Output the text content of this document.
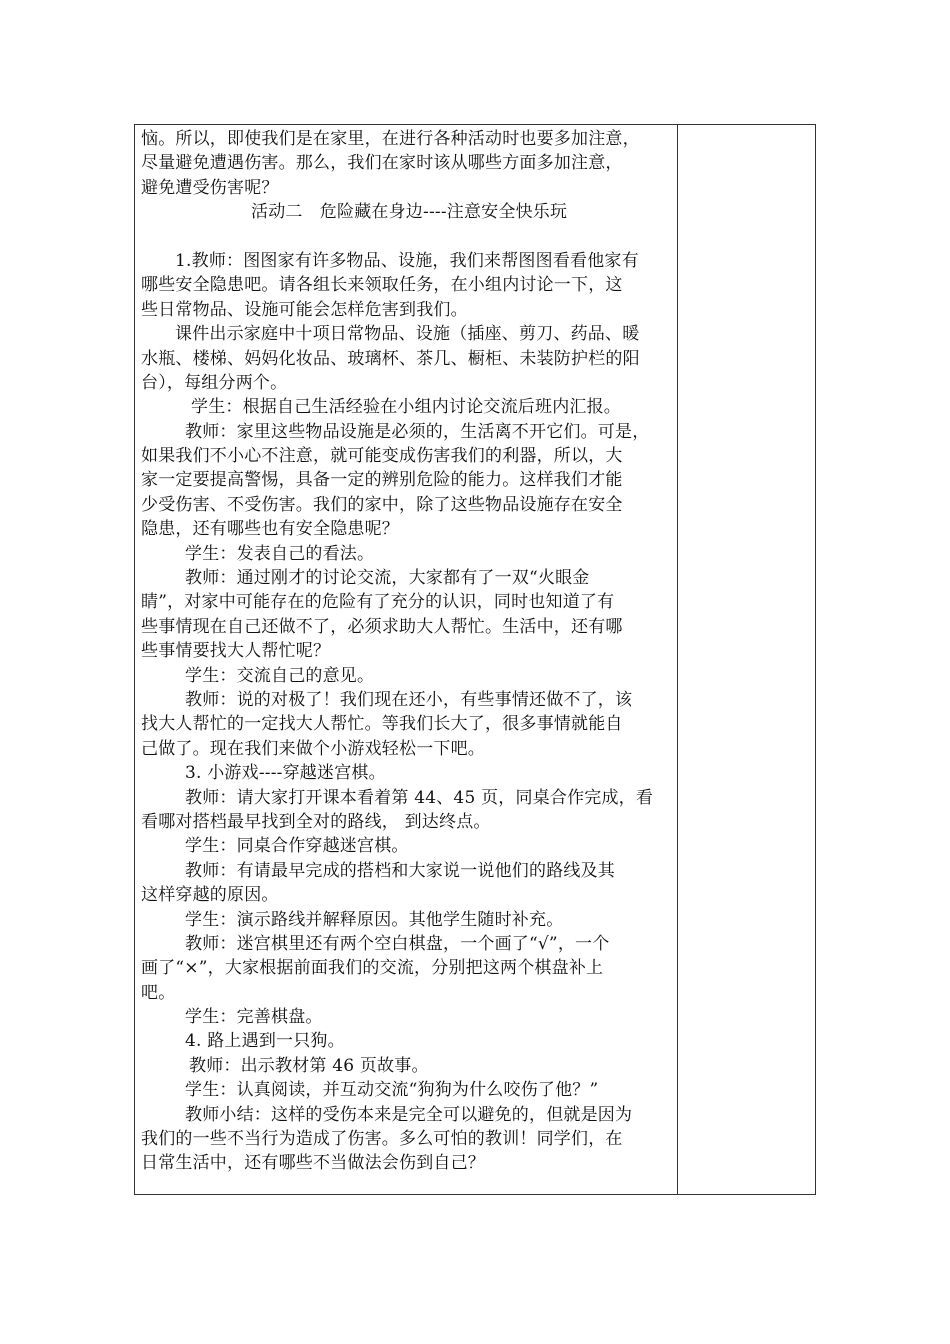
恼。所以，即使我们是在家里，在进行各种活动时也要多加注意，
尽量避免遭遇伤害。那么，我们在家时该从哪些方面多加注意，
避免遭受伤害呢？
活动二　危险藏在身边----注意安全快乐玩
1.教师：图图家有许多物品、设施，我们来帮图图看看他家有
哪些安全隐患吧。请各组长来领取任务，在小组内讨论一下，这
些日常物品、设施可能会怎样危害到我们。
课件出示家庭中十项日常物品、设施（插座、剪刀、药品、暖
水瓶、楼梯、妈妈化妆品、玻璃杯、茶几、橱柜、未装防护栏的阳
台），每组分两个。
学生：根据自己生活经验在小组内讨论交流后班内汇报。
教师：家里这些物品设施是必须的，生活离不开它们。可是，
如果我们不小心不注意，就可能变成伤害我们的利器，所以，大
家一定要提高警惕，具备一定的辨别危险的能力。这样我们才能
少受伤害、不受伤害。我们的家中，除了这些物品设施存在安全
隐患，还有哪些也有安全隐患呢？
学生：发表自己的看法。
教师：通过刚才的讨论交流，大家都有了一双“火眼金
睛”，对家中可能存在的危险有了充分的认识，同时也知道了有
些事情现在自己还做不了，必须求助大人帮忙。生活中，还有哪
些事情要找大人帮忙呢？
学生：交流自己的意见。
教师：说的对极了！我们现在还小，有些事情还做不了，该
找大人帮忙的一定找大人帮忙。等我们长大了，很多事情就能自
己做了。现在我们来做个小游戏轻松一下吧。
3. 小游戏----穿越迷宫棋。
教师：请大家打开课本看着第 44、45 页，同桌合作完成，看
看哪对搭档最早找到全对的路线， 到达终点。
学生：同桌合作穿越迷宫棋。
教师：有请最早完成的搭档和大家说一说他们的路线及其
这样穿越的原因。
学生：演示路线并解释原因。其他学生随时补充。
教师：迷宫棋里还有两个空白棋盘，一个画了“√”，一个
画了“×”，大家根据前面我们的交流，分别把这两个棋盘补上
吧。
学生：完善棋盘。
4. 路上遇到一只狗。
教师：出示教材第 46 页故事。
学生：认真阅读，并互动交流“狗狗为什么咬伤了他？”
教师小结：这样的受伤本来是完全可以避免的，但就是因为
我们的一些不当行为造成了伤害。多么可怕的教训！同学们，在
日常生活中，还有哪些不当做法会伤到自己？
